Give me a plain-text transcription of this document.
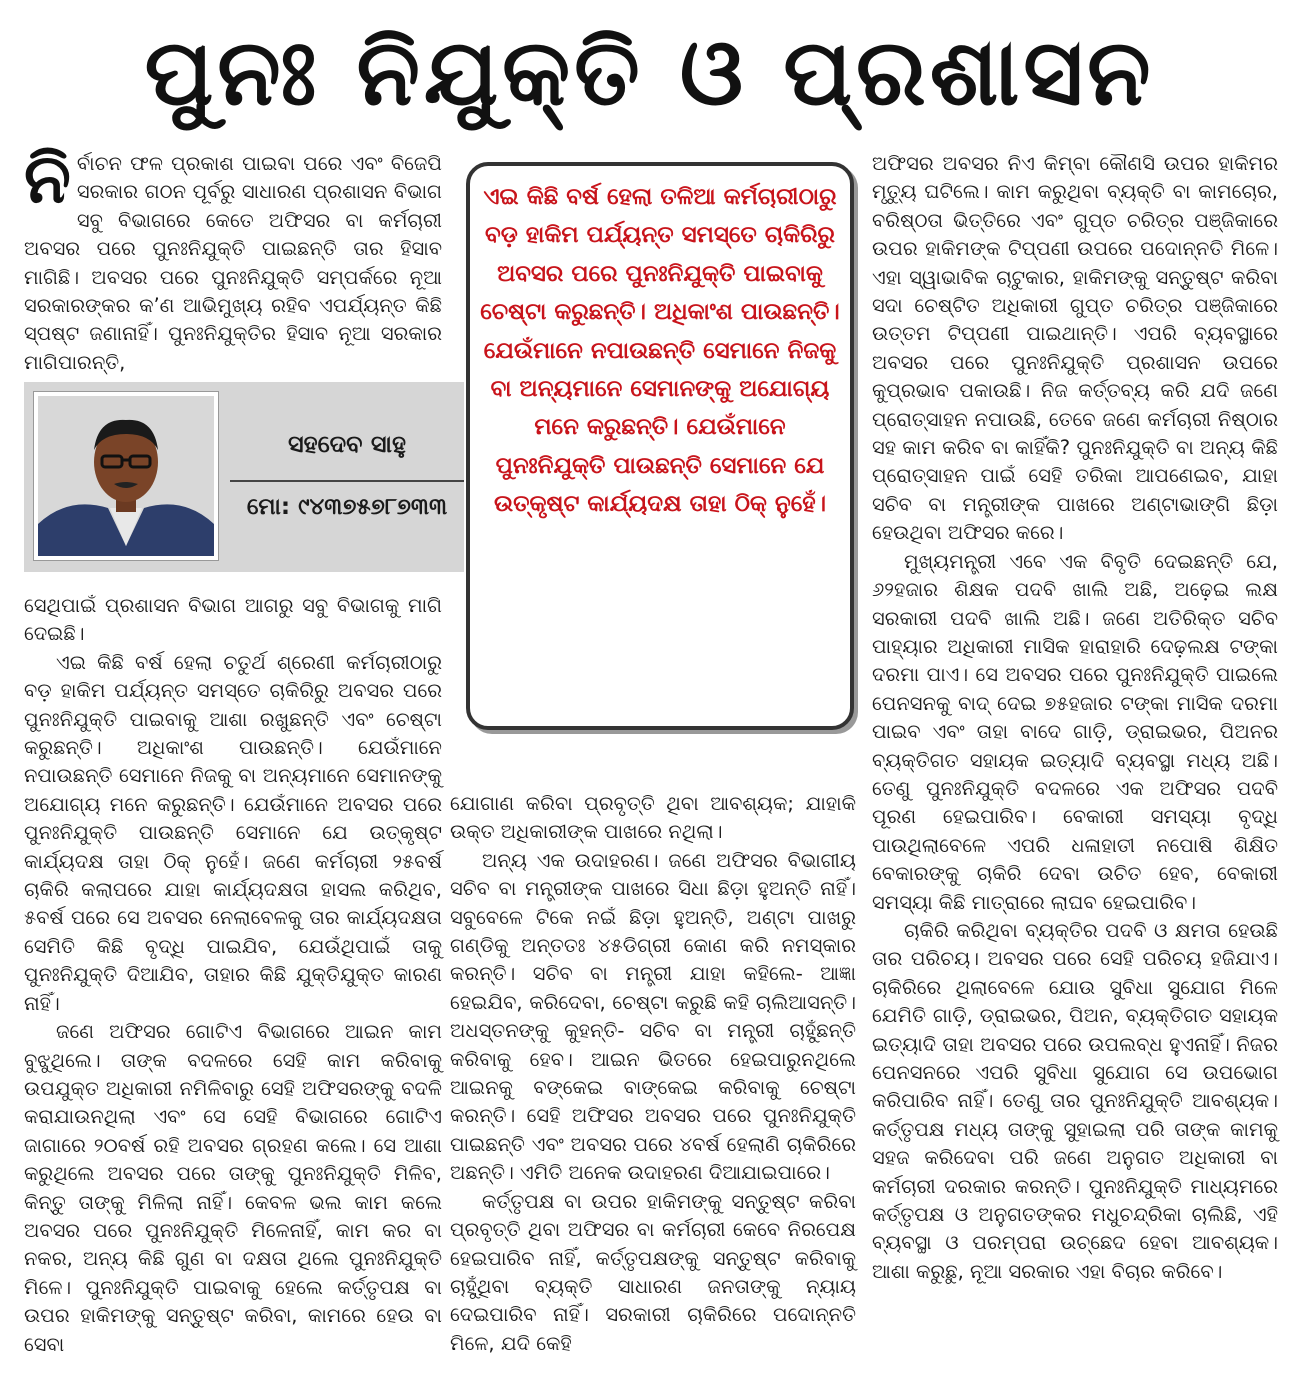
ପୁନଃ ନିଯୁକ୍ତି ଓ ପ୍ରଶାସନ

ନିର୍ବାଚନ ଫଳ ପ୍ରକାଶ ପାଇବା ପରେ ଏବଂ ବିଜେପି ସରକାର ଗଠନ ପୂର୍ବରୁ ସାଧାରଣ ପ୍ରଶାସନ ବିଭାଗ ସବୁ ବିଭାଗରେ କେତେ ଅଫିସର ବା କର୍ମଚାରୀ ଅବସର ପରେ ପୁନଃନିଯୁକ୍ତି ପାଇଛନ୍ତି ତାର ହିସାବ ମାଗିଛି। ଅବସର ପରେ ପୁନଃନିଯୁକ୍ତି ସମ୍ପର୍କରେ ନୂଆ ସରକାରଙ୍କର କ’ଣ ଆଭିମୁଖ୍ୟ ରହିବ ଏପର୍ଯ୍ୟନ୍ତ କିଛି ସ୍ପଷ୍ଟ ଜଣାନାହିଁ। ପୁନଃନିଯୁକ୍ତିର ହିସାବ ନୂଆ ସରକାର ମାଗିପାରନ୍ତି,

ସହଦେବ ସାହୁ
ମୋ: ୯୪୩୭୫୭୮୭୩୩

ସେଥିପାଇଁ ପ୍ରଶାସନ ବିଭାଗ ଆଗରୁ ସବୁ ବିଭାଗକୁ ମାଗି ଦେଇଛି।

ଏଇ କିଛି ବର୍ଷ ହେଲା ଚତୁର୍ଥ ଶ୍ରେଣୀ କର୍ମଚାରୀଠାରୁ ବଡ଼ ହାକିମ ପର୍ଯ୍ୟନ୍ତ ସମସ୍ତେ ଚାକିରିରୁ ଅବସର ପରେ ପୁନଃନିଯୁକ୍ତି ପାଇବାକୁ ଆଶା ରଖୁଛନ୍ତି ଏବଂ ଚେଷ୍ଟା କରୁଛନ୍ତି। ଅଧିକାଂଶ ପାଉଛନ୍ତି। ଯେଉଁମାନେ ନପାଉଛନ୍ତି ସେମାନେ ନିଜକୁ ବା ଅନ୍ୟମାନେ ସେମାନଙ୍କୁ ଅଯୋଗ୍ୟ ମନେ କରୁଛନ୍ତି। ଯେଉଁମାନେ ଅବସର ପରେ ପୁନଃନିଯୁକ୍ତି ପାଉଛନ୍ତି ସେମାନେ ଯେ ଉତ୍କୃଷ୍ଟ କାର୍ଯ୍ୟଦକ୍ଷ ତାହା ଠିକ୍ ନୁହେଁ। ଜଣେ କର୍ମଚାରୀ ୨୫ବର୍ଷ ଚାକିରି କଲାପରେ ଯାହା କାର୍ଯ୍ୟଦକ୍ଷତା ହାସଲ କରିଥିବ, ୫ବର୍ଷ ପରେ ସେ ଅବସର ନେଲାବେଳକୁ ତାର କାର୍ଯ୍ୟଦକ୍ଷତା ସେମିତି କିଛି ବୃଦ୍ଧି ପାଇଯିବ, ଯେଉଁଥିପାଇଁ ତାକୁ ପୁନଃନିଯୁକ୍ତି ଦିଆଯିବ, ତାହାର କିଛି ଯୁକ୍ତିଯୁକ୍ତ କାରଣ ନାହିଁ।

ଜଣେ ଅଫିସର ଗୋଟିଏ ବିଭାଗରେ ଆଇନ କାମ ବୁଝୁଥିଲେ। ତାଙ୍କ ବଦଳରେ ସେହି କାମ କରିବାକୁ ଉପଯୁକ୍ତ ଅଧିକାରୀ ନମିଳିବାରୁ ସେହି ଅଫିସରଙ୍କୁ ବଦଳି କରାଯାଉନଥିଲା ଏବଂ ସେ ସେହି ବିଭାଗରେ ଗୋଟିଏ ଜାଗାରେ ୨୦ବର୍ଷ ରହି ଅବସର ଗ୍ରହଣ କଲେ। ସେ ଆଶା କରୁଥିଲେ ଅବସର ପରେ ତାଙ୍କୁ ପୁନଃନିଯୁକ୍ତି ମିଳିବ, କିନ୍ତୁ ତାଙ୍କୁ ମିଳିଲା ନାହିଁ। କେବଳ ଭଲ କାମ କଲେ ଅବସର ପରେ ପୁନଃନିଯୁକ୍ତି ମିଳେନାହିଁ, କାମ କର ବା ନକର, ଅନ୍ୟ କିଛି ଗୁଣ ବା ଦକ୍ଷତା ଥିଲେ ପୁନଃନିଯୁକ୍ତି ମିଳେ। ପୁନଃନିଯୁକ୍ତି ପାଇବାକୁ ହେଲେ କର୍ତ୍ତୃପକ୍ଷ ବା ଉପର ହାକିମଙ୍କୁ ସନ୍ତୁଷ୍ଟ କରିବା, କାମରେ ହେଉ ବା ସେବା

ଏଇ କିଛି ବର୍ଷ ହେଲା ତଳିଆ କର୍ମଚାରୀଠାରୁ ବଡ଼ ହାକିମ ପର୍ଯ୍ୟନ୍ତ ସମସ୍ତେ ଚାକିରିରୁ ଅବସର ପରେ ପୁନଃନିଯୁକ୍ତି ପାଇବାକୁ ଚେଷ୍ଟା କରୁଛନ୍ତି। ଅଧିକାଂଶ ପାଉଛନ୍ତି। ଯେଉଁମାନେ ନପାଉଛନ୍ତି ସେମାନେ ନିଜକୁ ବା ଅନ୍ୟମାନେ ସେମାନଙ୍କୁ ଅଯୋଗ୍ୟ ମନେ କରୁଛନ୍ତି। ଯେଉଁମାନେ ପୁନଃନିଯୁକ୍ତି ପାଉଛନ୍ତି ସେମାନେ ଯେ ଉତ୍କୃଷ୍ଟ କାର୍ଯ୍ୟଦକ୍ଷ ତାହା ଠିକ୍ ନୁହେଁ।

ଯୋଗାଣ କରିବା ପ୍ରବୃତ୍ତି ଥିବା ଆବଶ୍ୟକ; ଯାହାକି ଉକ୍ତ ଅଧିକାରୀଙ୍କ ପାଖରେ ନଥିଲା।

ଅନ୍ୟ ଏକ ଉଦାହରଣ। ଜଣେ ଅଫିସର ବିଭାଗୀୟ ସଚିବ ବା ମନ୍ତ୍ରୀଙ୍କ ପାଖରେ ସିଧା ଛିଡ଼ା ହୁଅନ୍ତି ନାହିଁ। ସବୁବେଳେ ଟିକେ ନଇଁ ଛିଡ଼ା ହୁଅନ୍ତି, ଅଣ୍ଟା ପାଖରୁ ଗଣ୍ଡିକୁ ଅନ୍ତତଃ ୪୫ଡିଗ୍ରୀ କୋଣ କରି ନମସ୍କାର କରନ୍ତି। ସଚିବ ବା ମନ୍ତ୍ରୀ ଯାହା କହିଲେ- ଆଜ୍ଞା ହେଇଯିବ, କରିଦେବା, ଚେଷ୍ଟା କରୁଛି କହି ଚାଲିଆସନ୍ତି। ଅଧସ୍ତନଙ୍କୁ କୁହନ୍ତି- ସଚିବ ବା ମନ୍ତ୍ରୀ ଚାହୁଁଛନ୍ତି କରିବାକୁ ହେବ। ଆଇନ ଭିତରେ ହେଇପାରୁନଥିଲେ ଆଇନକୁ ବଙ୍କେଇ ବାଙ୍କେଇ କରିବାକୁ ଚେଷ୍ଟା କରନ୍ତି। ସେହି ଅଫିସର ଅବସର ପରେ ପୁନଃନିଯୁକ୍ତି ପାଇଛନ୍ତି ଏବଂ ଅବସର ପରେ ୪ବର୍ଷ ହେଲାଣି ଚାକିରିରେ ଅଛନ୍ତି। ଏମିତି ଅନେକ ଉଦାହରଣ ଦିଆଯାଇପାରେ।

କର୍ତ୍ତୃପକ୍ଷ ବା ଉପର ହାକିମଙ୍କୁ ସନ୍ତୁଷ୍ଟ କରିବା ପ୍ରବୃତ୍ତି ଥିବା ଅଫିସର ବା କର୍ମଚାରୀ କେବେ ନିରପେକ୍ଷ ହେଇପାରିବ ନାହିଁ, କର୍ତ୍ତୃପକ୍ଷଙ୍କୁ ସନ୍ତୁଷ୍ଟ କରିବାକୁ ଚାହୁଁଥିବା ବ୍ୟକ୍ତି ସାଧାରଣ ଜନତାଙ୍କୁ ନ୍ୟାୟ ଦେଇପାରିବ ନାହିଁ। ସରକାରୀ ଚାକିରିରେ ପଦୋନ୍ନତି ମିଳେ, ଯଦି କେହି

ଅଫିସର ଅବସର ନିଏ କିମ୍ବା କୌଣସି ଉପର ହାକିମର ମୃତ୍ୟୁ ଘଟିଲେ। କାମ କରୁଥିବା ବ୍ୟକ୍ତି ବା କାମଚୋର, ବରିଷ୍ଠତା ଭିତ୍ତିରେ ଏବଂ ଗୁପ୍ତ ଚରିତ୍ର ପଞ୍ଜିକାରେ ଉପର ହାକିମଙ୍କ ଟିପ୍ପଣୀ ଉପରେ ପଦୋନ୍ନତି ମିଳେ। ଏହା ସ୍ୱାଭାବିକ ଚାଟୁକାର, ହାକିମଙ୍କୁ ସନ୍ତୁଷ୍ଟ କରିବା ସଦା ଚେଷ୍ଟିତ ଅଧିକାରୀ ଗୁପ୍ତ ଚରିତ୍ର ପଞ୍ଜିକାରେ ଉତ୍ତମ ଟିପ୍ପଣୀ ପାଇଥାନ୍ତି। ଏପରି ବ୍ୟବସ୍ଥାରେ ଅବସର ପରେ ପୁନଃନିଯୁକ୍ତି ପ୍ରଶାସନ ଉପରେ କୁପ୍ରଭାବ ପକାଉଛି। ନିଜ କର୍ତ୍ତବ୍ୟ କରି ଯଦି ଜଣେ ପ୍ରୋତ୍ସାହନ ନପାଉଛି, ତେବେ ଜଣେ କର୍ମଚାରୀ ନିଷ୍ଠାର ସହ କାମ କରିବ ବା କାହିଁକି? ପୁନଃନିଯୁକ୍ତି ବା ଅନ୍ୟ କିଛି ପ୍ରୋତ୍ସାହନ ପାଇଁ ସେହି ତରିକା ଆପଣେଇବ, ଯାହା ସଚିବ ବା ମନ୍ତ୍ରୀଙ୍କ ପାଖରେ ଅଣ୍ଟାଭାଙ୍ଗି ଛିଡ଼ା ହେଉଥିବା ଅଫିସର କରେ।

ମୁଖ୍ୟମନ୍ତ୍ରୀ ଏବେ ଏକ ବିବୃତି ଦେଇଛନ୍ତି ଯେ, ୬୨ହଜାର ଶିକ୍ଷକ ପଦବି ଖାଲି ଅଛି, ଅଢ଼େଇ ଲକ୍ଷ ସରକାରୀ ପଦବି ଖାଲି ଅଛି। ଜଣେ ଅତିରିକ୍ତ ସଚିବ ପାହ୍ୟାର ଅଧିକାରୀ ମାସିକ ହାରାହାରି ଦେଢ଼ଲକ୍ଷ ଟଙ୍କା ଦରମା ପାଏ। ସେ ଅବସର ପରେ ପୁନଃନିଯୁକ୍ତି ପାଇଲେ ପେନସନକୁ ବାଦ୍ ଦେଇ ୭୫ହଜାର ଟଙ୍କା ମାସିକ ଦରମା ପାଇବ ଏବଂ ତାହା ବାଦେ ଗାଡ଼ି, ଡ୍ରାଇଭର, ପିଅନର ବ୍ୟକ୍ତିଗତ ସହାୟକ ଇତ୍ୟାଦି ବ୍ୟବସ୍ଥା ମଧ୍ୟ ଅଛି। ତେଣୁ ପୁନଃନିଯୁକ୍ତି ବଦଳରେ ଏକ ଅଫିସର ପଦବି ପୂରଣ ହେଇପାରିବ। ବେକାରୀ ସମସ୍ୟା ବୃଦ୍ଧି ପାଉଥିଲାବେଳେ ଏପରି ଧଳାହାତୀ ନପୋଷି ଶିକ୍ଷିତ ବେକାରଙ୍କୁ ଚାକିରି ଦେବା ଉଚିତ ହେବ, ବେକାରୀ ସମସ୍ୟା କିଛି ମାତ୍ରାରେ ଲାଘବ ହେଇପାରିବ।

ଚାକିରି କରିଥିବା ବ୍ୟକ୍ତିର ପଦବି ଓ କ୍ଷମତା ହେଉଛି ତାର ପରିଚୟ। ଅବସର ପରେ ସେହି ପରିଚୟ ହଜିଯାଏ। ଚାକିରିରେ ଥିଲାବେଳେ ଯୋଉ ସୁବିଧା ସୁଯୋଗ ମିଳେ ଯେମିତି ଗାଡ଼ି, ଡ୍ରାଇଭର, ପିଅନ, ବ୍ୟକ୍ତିଗତ ସହାୟକ ଇତ୍ୟାଦି ତାହା ଅବସର ପରେ ଉପଲବ୍ଧ ହୁଏନାହିଁ। ନିଜର ପେନସନରେ ଏପରି ସୁବିଧା ସୁଯୋଗ ସେ ଉପଭୋଗ କରିପାରିବ ନାହିଁ। ତେଣୁ ତାର ପୁନଃନିଯୁକ୍ତି ଆବଶ୍ୟକ। କର୍ତ୍ତୃପକ୍ଷ ମଧ୍ୟ ତାଙ୍କୁ ସୁହାଇଲା ପରି ତାଙ୍କ କାମକୁ ସହଜ କରିଦେବା ପରି ଜଣେ ଅନୁଗତ ଅଧିକାରୀ ବା କର୍ମଚାରୀ ଦରକାର କରନ୍ତି। ପୁନଃନିଯୁକ୍ତି ମାଧ୍ୟମରେ କର୍ତ୍ତୃପକ୍ଷ ଓ ଅନୁଗତଙ୍କର ମଧୁଚନ୍ଦ୍ରିକା ଚାଲିଛି, ଏହି ବ୍ୟବସ୍ଥା ଓ ପରମ୍ପରା ଉଚ୍ଛେଦ ହେବା ଆବଶ୍ୟକ। ଆଶା କରୁଛୁ, ନୂଆ ସରକାର ଏହା ବିଚାର କରିବେ।
